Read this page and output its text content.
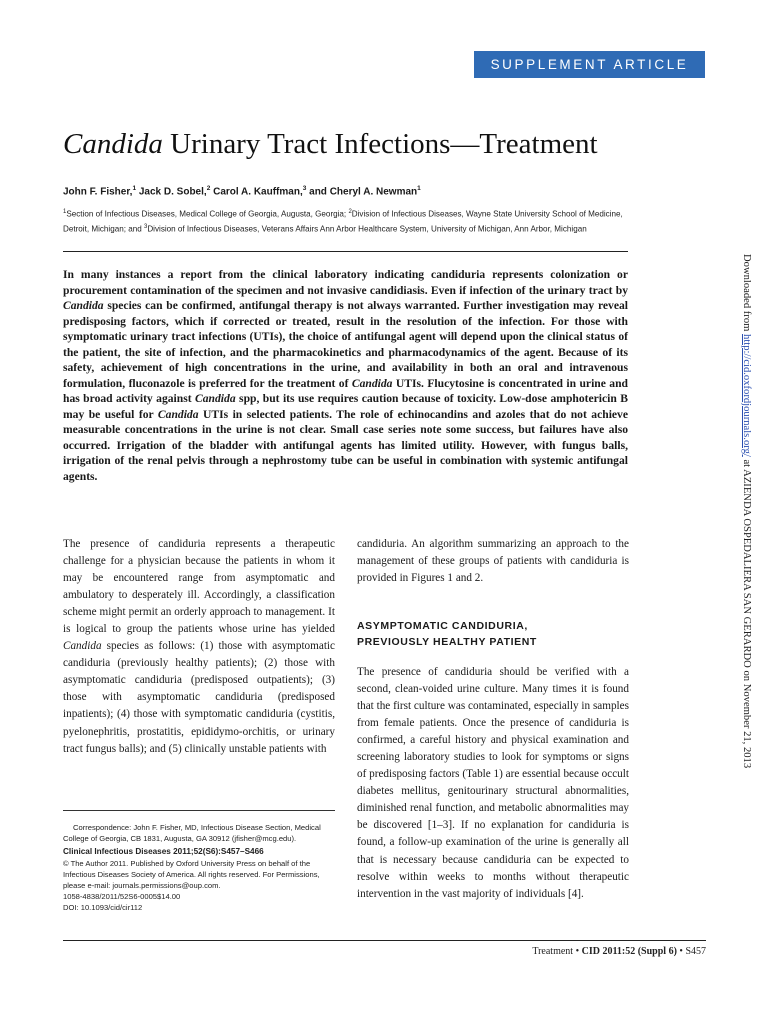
SUPPLEMENT ARTICLE
Candida Urinary Tract Infections—Treatment
John F. Fisher,$^1$ Jack D. Sobel,$^2$ Carol A. Kauffman,$^3$ and Cheryl A. Newman$^1$
$^1$Section of Infectious Diseases, Medical College of Georgia, Augusta, Georgia; $^2$Division of Infectious Diseases, Wayne State University School of Medicine, Detroit, Michigan; and $^3$Division of Infectious Diseases, Veterans Affairs Ann Arbor Healthcare System, University of Michigan, Ann Arbor, Michigan
In many instances a report from the clinical laboratory indicating candiduria represents colonization or procurement contamination of the specimen and not invasive candidiasis. Even if infection of the urinary tract by Candida species can be confirmed, antifungal therapy is not always warranted. Further investigation may reveal predisposing factors, which if corrected or treated, result in the resolution of the infection. For those with symptomatic urinary tract infections (UTIs), the choice of antifungal agent will depend upon the clinical status of the patient, the site of infection, and the pharmacokinetics and pharmacodynamics of the agent. Because of its safety, achievement of high concentrations in the urine, and availability in both an oral and intravenous formulation, fluconazole is preferred for the treatment of Candida UTIs. Flucytosine is concentrated in urine and has broad activity against Candida spp, but its use requires caution because of toxicity. Low-dose amphotericin B may be useful for Candida UTIs in selected patients. The role of echinocandins and azoles that do not achieve measurable concentrations in the urine is not clear. Small case series note some success, but failures have also occurred. Irrigation of the bladder with antifungal agents has limited utility. However, with fungus balls, irrigation of the renal pelvis through a nephrostomy tube can be useful in combination with systemic antifungal agents.
The presence of candiduria represents a therapeutic challenge for a physician because the patients in whom it may be encountered range from asymptomatic and ambulatory to desperately ill. Accordingly, a classification scheme might permit an orderly approach to management. It is logical to group the patients whose urine has yielded Candida species as follows: (1) those with asymptomatic candiduria (previously healthy patients); (2) those with asymptomatic candiduria (predisposed outpatients); (3) those with asymptomatic candiduria (predisposed inpatients); (4) those with symptomatic candiduria (cystitis, pyelonephritis, prostatitis, epididymo-orchitis, or urinary tract fungus balls); and (5) clinically unstable patients with
candiduria. An algorithm summarizing an approach to the management of these groups of patients with candiduria is provided in Figures 1 and 2.
ASYMPTOMATIC CANDIDURIA,
PREVIOUSLY HEALTHY PATIENT
The presence of candiduria should be verified with a second, clean-voided urine culture. Many times it is found that the first culture was contaminated, especially in samples from female patients. Once the presence of candiduria is confirmed, a careful history and physical examination and screening laboratory studies to look for symptoms or signs of predisposing factors (Table 1) are essential because occult diabetes mellitus, genitourinary structural abnormalities, diminished renal function, and metabolic abnormalities may be discovered [1–3]. If no explanation for candiduria is found, a follow-up examination of the urine is generally all that is necessary because candiduria can be expected to resolve within weeks to months without therapeutic intervention in the vast majority of individuals [4].

Correspondence: John F. Fisher, MD, Infectious Disease Section, Medical College of Georgia, CB 1831, Augusta, GA 30912 (jfisher@mcg.edu).

Clinical Infectious Diseases 2011;52(S6):S457–S466

© The Author 2011. Published by Oxford University Press on behalf of the Infectious Diseases Society of America. All rights reserved. For Permissions, please e-mail: journals.permissions@oup.com.

1058-4838/2011/52S6-0005$14.00

DOI: 10.1093/cid/cir112

Treatment • CID 2011:52 (Suppl 6) • S457
Downloaded from http://cid.oxfordjournals.org/ at AZIENDA OSPEDALIERA SAN GERARDO on November 21, 2013
